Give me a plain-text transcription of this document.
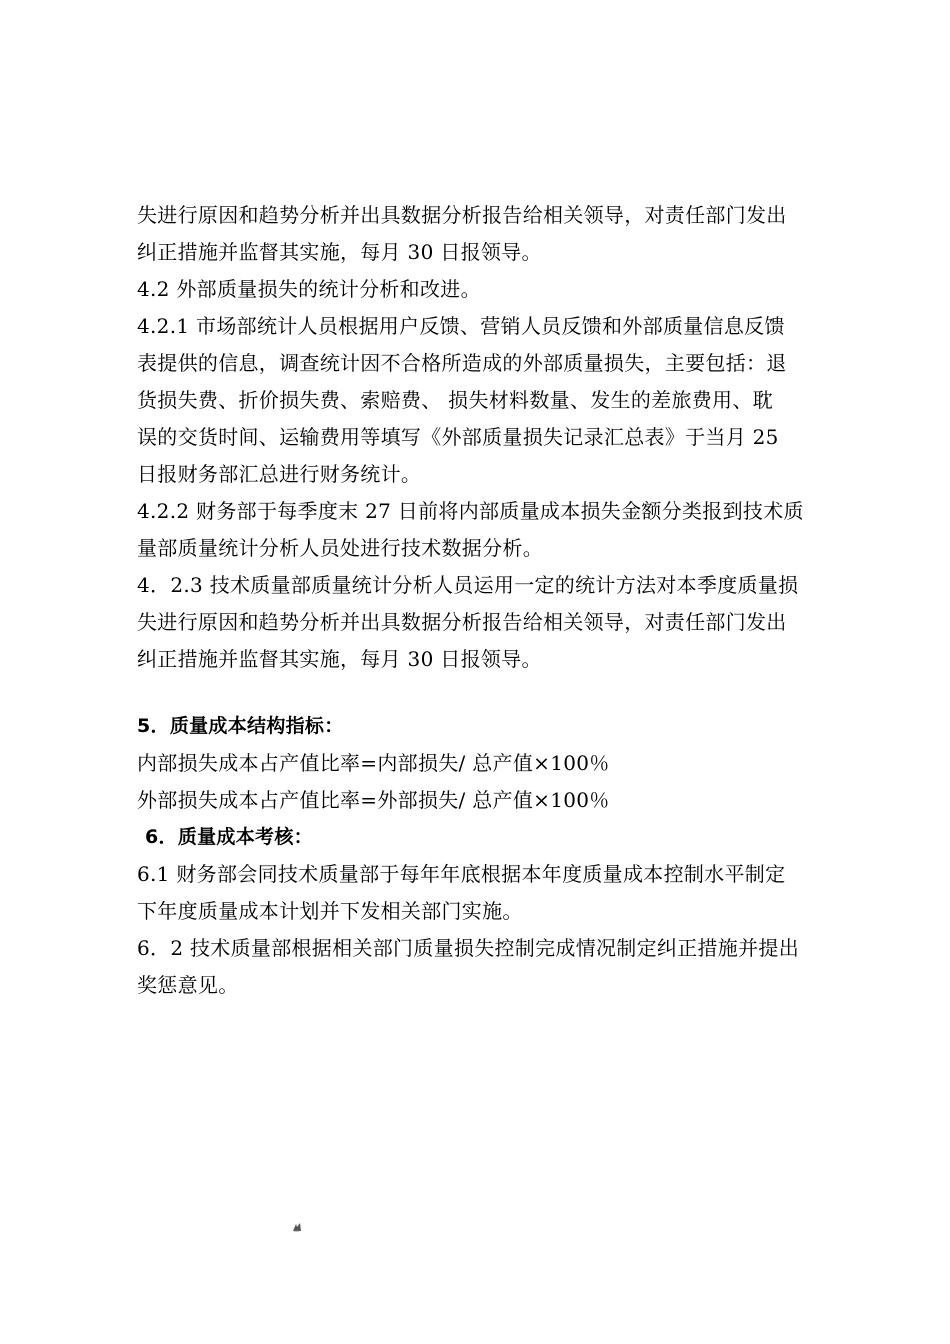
失进行原因和趋势分析并出具数据分析报告给相关领导，对责任部门发出
纠正措施并监督其实施，每月 30 日报领导。
4.2 外部质量损失的统计分析和改进。
4.2.1 市场部统计人员根据用户反馈、营销人员反馈和外部质量信息反馈
表提供的信息，调查统计因不合格所造成的外部质量损失，主要包括：退
货损失费、折价损失费、索赔费、 损失材料数量、发生的差旅费用、耽
误的交货时间、运输费用等填写《外部质量损失记录汇总表》于当月 25
日报财务部汇总进行财务统计。
4.2.2 财务部于每季度末 27 日前将内部质量成本损失金额分类报到技术质
量部质量统计分析人员处进行技术数据分析。
4．2.3 技术质量部质量统计分析人员运用一定的统计方法对本季度质量损
失进行原因和趋势分析并出具数据分析报告给相关领导，对责任部门发出
纠正措施并监督其实施，每月 30 日报领导。
5．质量成本结构指标：
内部损失成本占产值比率=内部损失/ 总产值×100％
外部损失成本占产值比率=外部损失/ 总产值×100％
6．质量成本考核：
6.1 财务部会同技术质量部于每年年底根据本年度质量成本控制水平制定
下年度质量成本计划并下发相关部门实施。
6．2 技术质量部根据相关部门质量损失控制完成情况制定纠正措施并提出
奖惩意见。
